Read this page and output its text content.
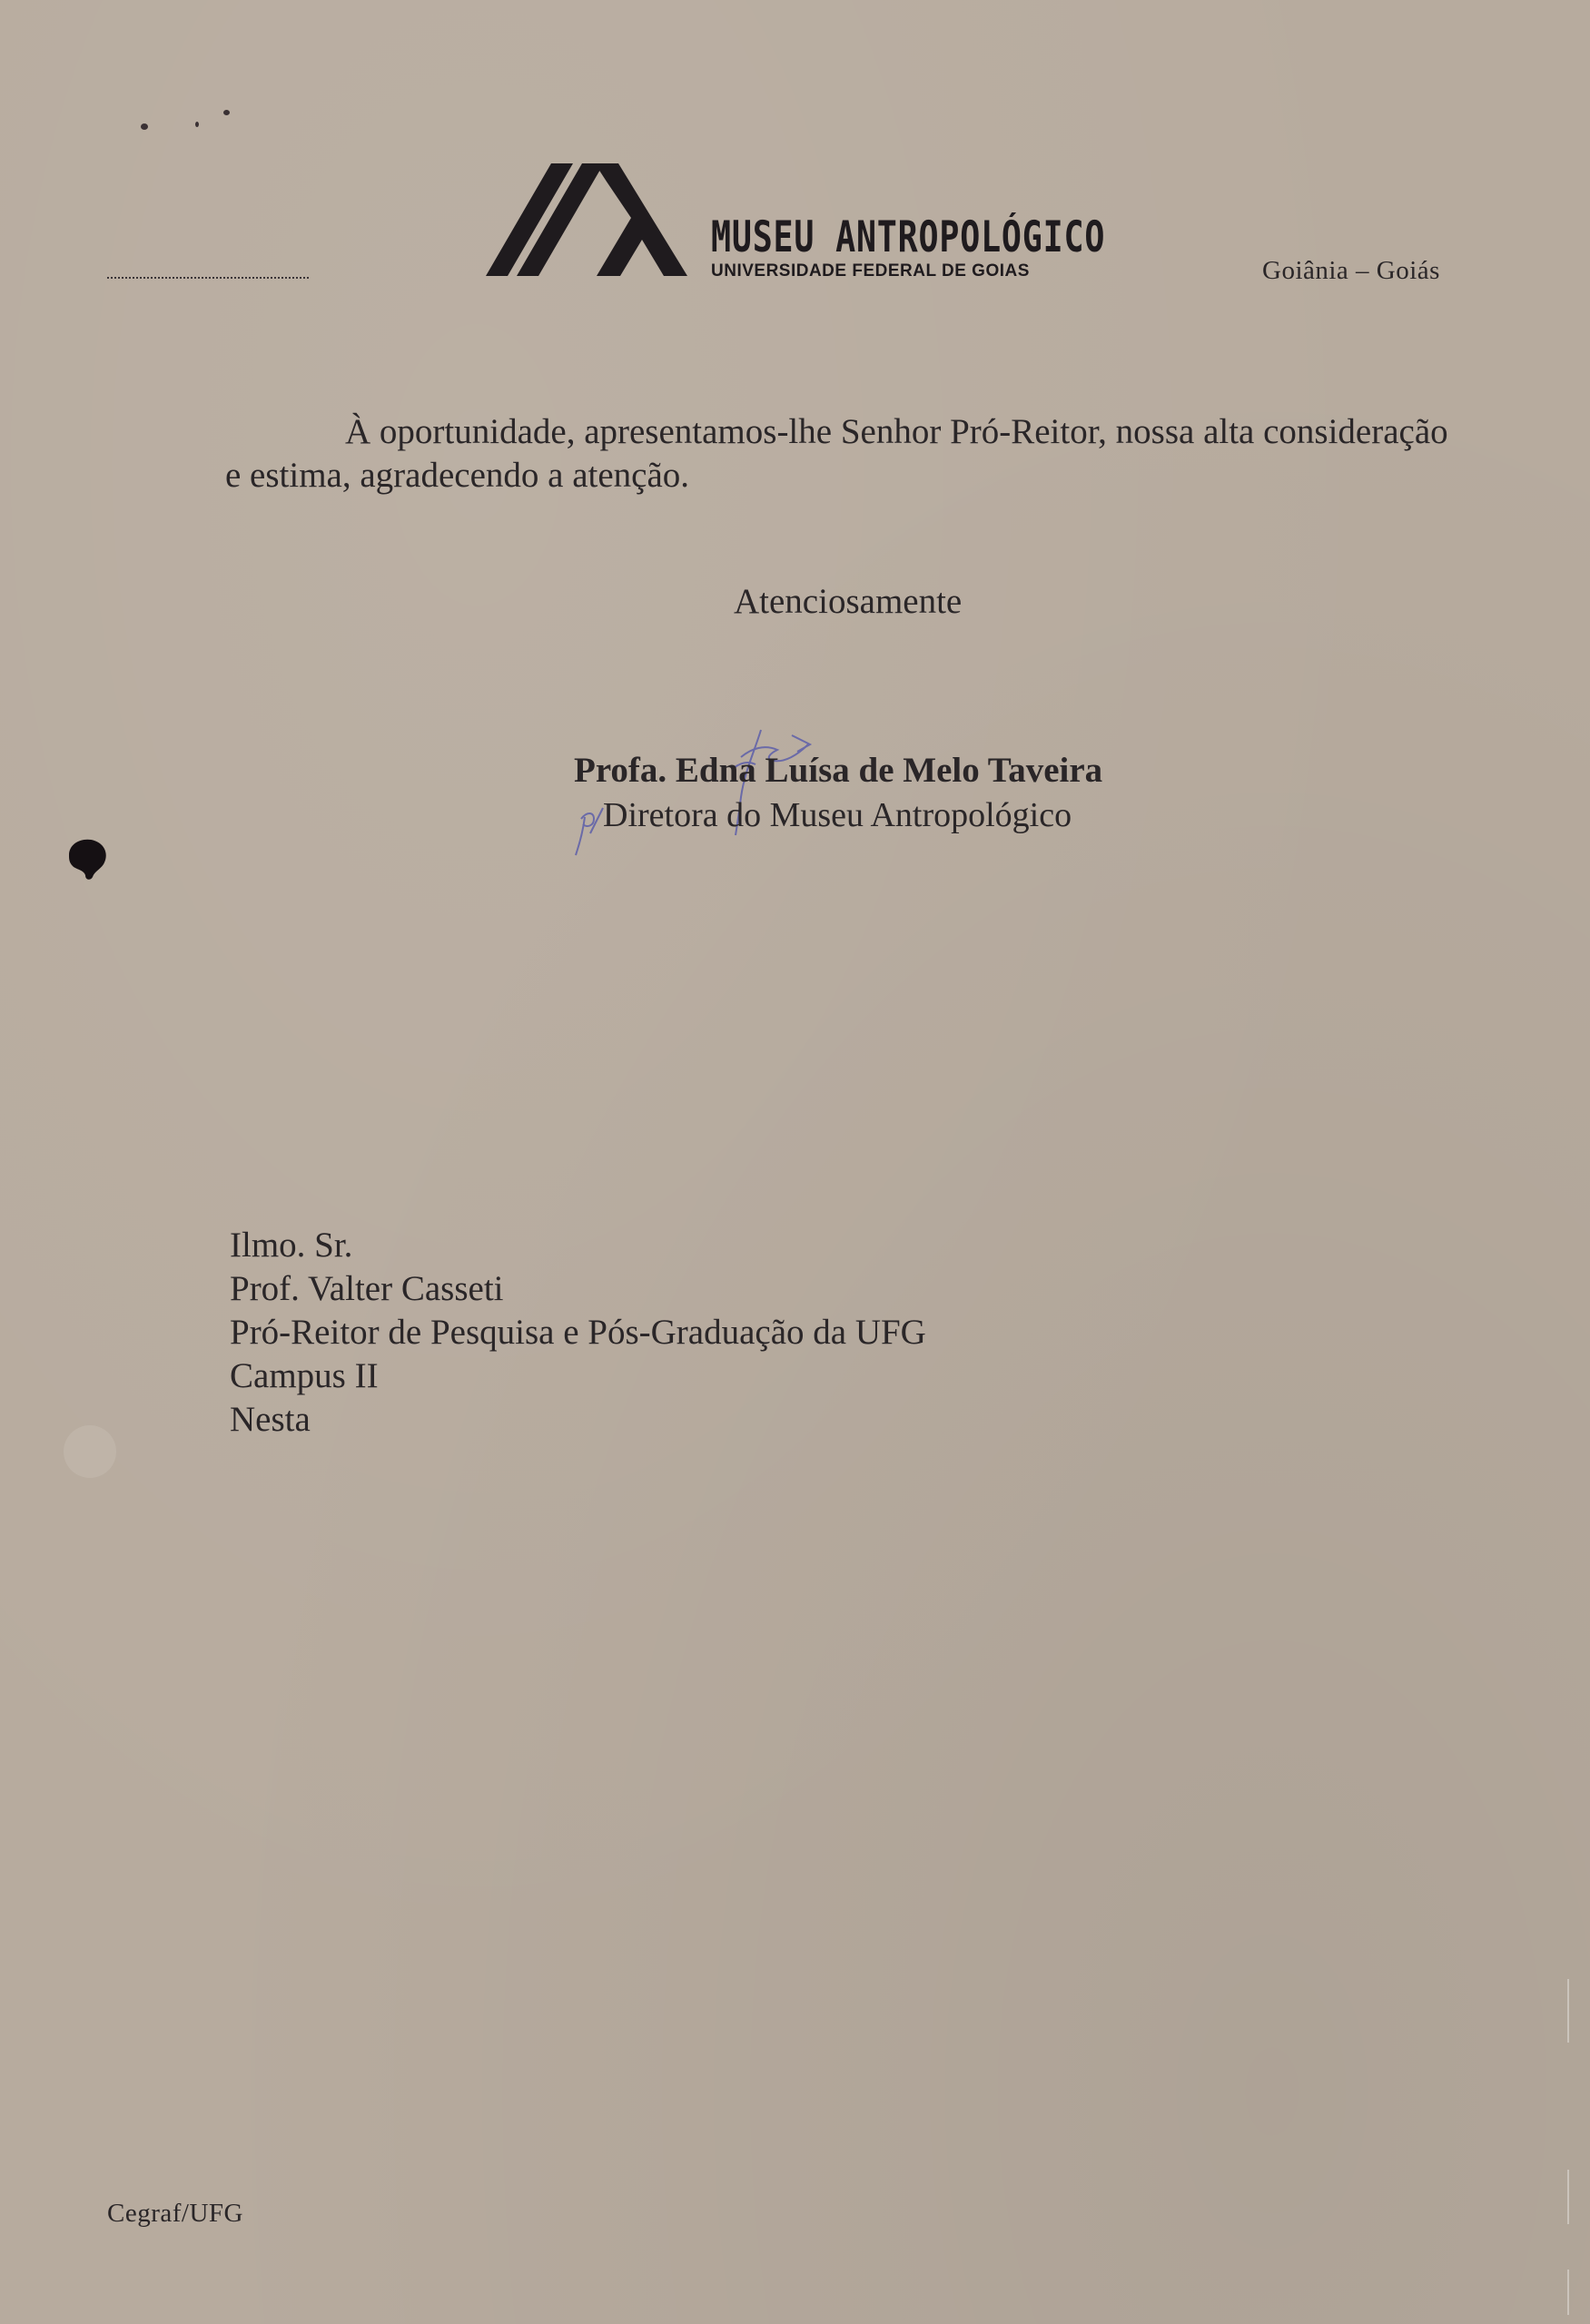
MUSEU ANTROPOLÓGICO
UNIVERSIDADE FEDERAL DE GOIAS	Goiânia – Goiás
À oportunidade, apresentamos-lhe Senhor Pró-Reitor, nossa alta consideração
e estima, agradecendo a atenção.
Atenciosamente
Profa. Edna Luísa de Melo Taveira
Diretora do Museu Antropológico
Ilmo. Sr.
Prof. Valter Casseti
Pró-Reitor de Pesquisa e Pós-Graduação da UFG
Campus II
Nesta
Cegraf/UFG
